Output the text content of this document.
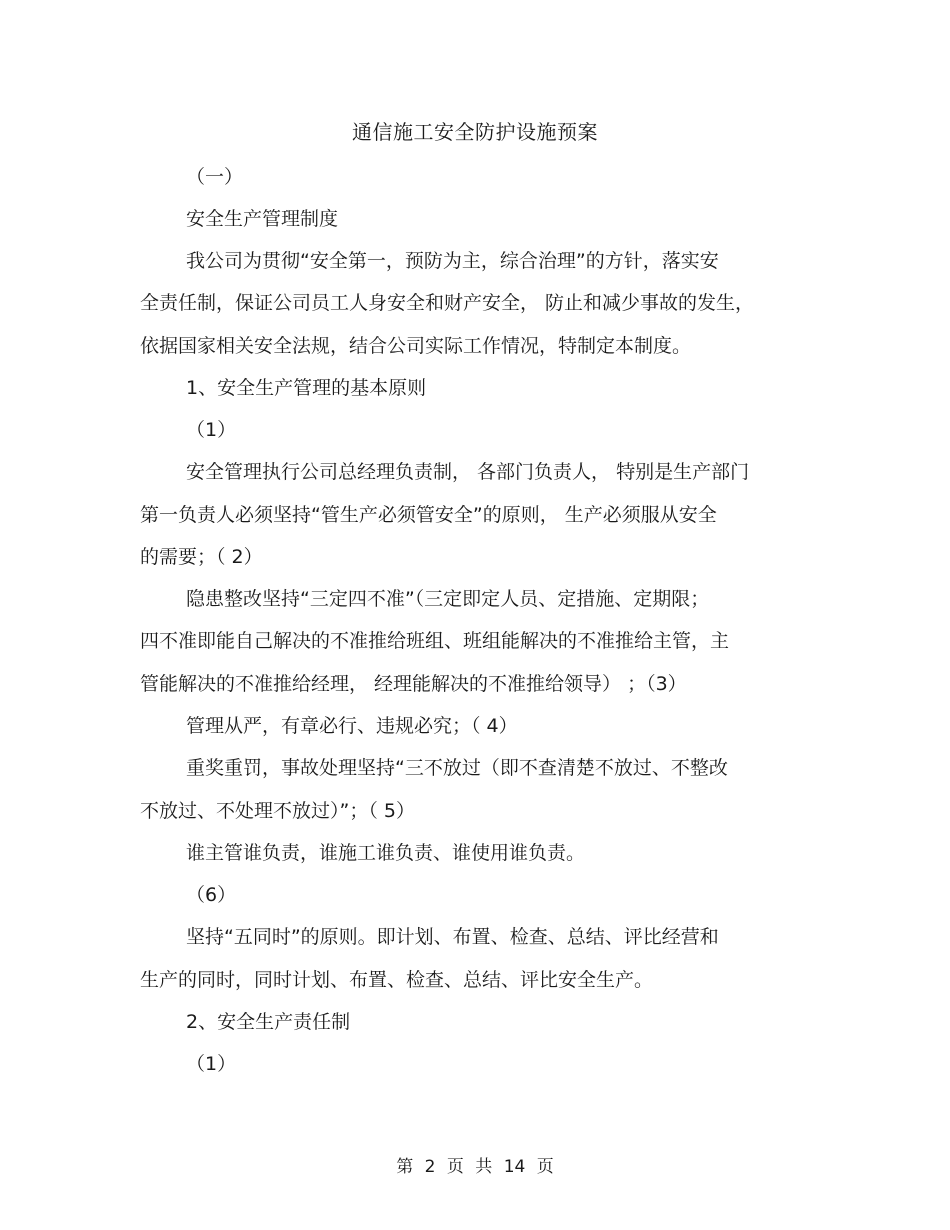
通信施工安全防护设施预案
（一）
安全生产管理制度
我公司为贯彻“安全第一，预防为主，综合治理”的方针，落实安
全责任制，保证公司员工人身安全和财产安全， 防止和减少事故的发生，
依据国家相关安全法规，结合公司实际工作情况，特制定本制度。
1、安全生产管理的基本原则
（1）
安全管理执行公司总经理负责制， 各部门负责人， 特别是生产部门
第一负责人必须坚持“管生产必须管安全”的原则， 生产必须服从安全
的需要；（ 2）
隐患整改坚持“三定四不准”（三定即定人员、定措施、定期限；
四不准即能自己解决的不准推给班组、班组能解决的不准推给主管，主
管能解决的不准推给经理， 经理能解决的不准推给领导） ；（3）
管理从严，有章必行、违规必究；（ 4）
重奖重罚，事故处理坚持“三不放过（即不查清楚不放过、不整改
不放过、不处理不放过）”；（ 5）
谁主管谁负责，谁施工谁负责、谁使用谁负责。
（6）
坚持“五同时”的原则。即计划、布置、检查、总结、评比经营和
生产的同时，同时计划、布置、检查、总结、评比安全生产。
2、安全生产责任制
（1）
第 2 页 共 14 页
